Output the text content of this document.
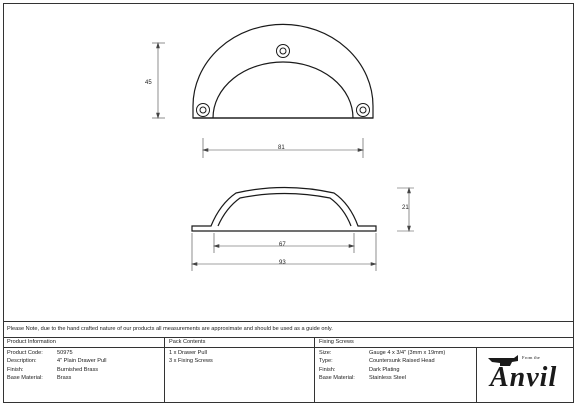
45
81
21
67
93
Please Note, due to the hand crafted nature of our products all measurements are approximate and should be used as a guide only.
Product Information	Pack Contents	Fixing Screws
Product Code:	50975
Description:	4" Plain Drawer Pull
Finish:	Burnished Brass
Base Material:	Brass
1 x Drawer Pull
3 x Fixing Screws
Size:	Gauge 4 x 3/4" (3mm x 19mm)
Type:	Countersunk Raised Head
Finish:	Dark Plating
Base Material:	Stainless Steel
From the
Anvil
